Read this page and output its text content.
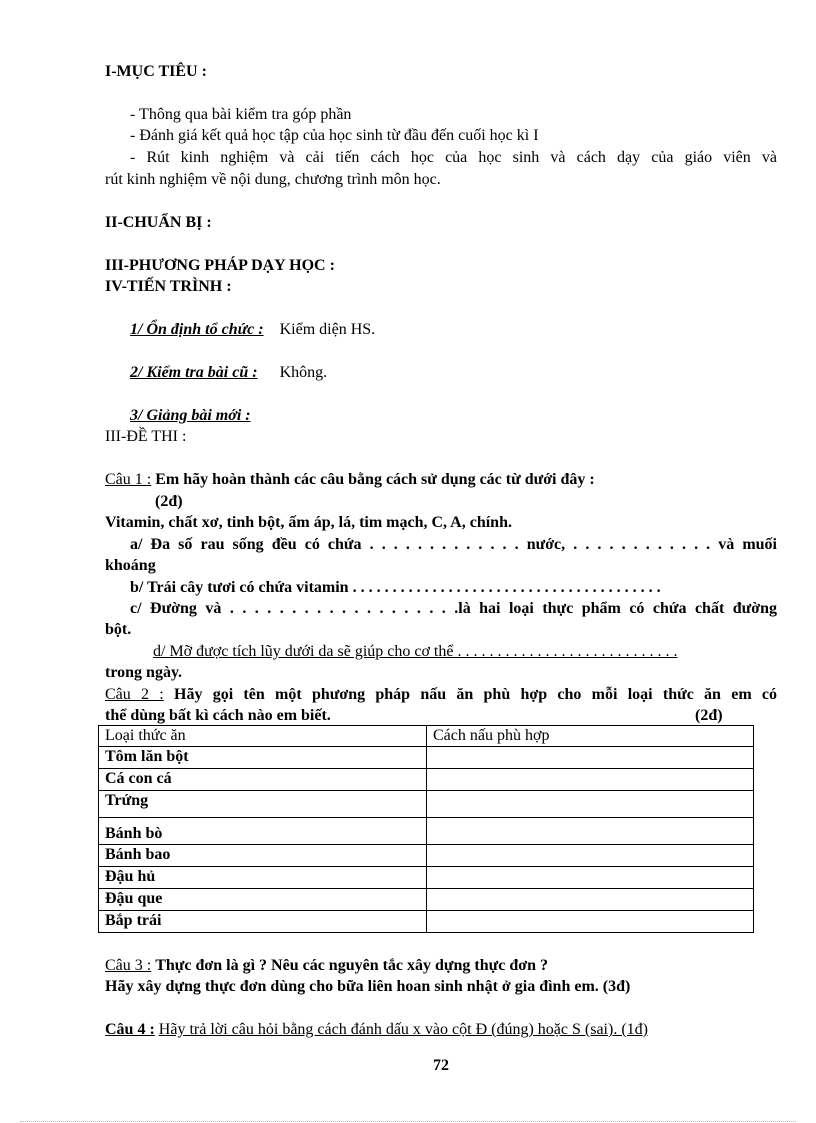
I-MỤC TIÊU :
- Thông qua bài kiểm tra góp phần
- Đánh giá kết quả học tập của học sinh từ đầu đến cuối học kì I
- Rút kinh nghiệm và cải tiến cách học của học sinh và cách dạy của giáo viên và
rút kinh nghiệm về nội dung, chương trình môn học.
II-CHUẨN BỊ :
III-PHƯƠNG PHÁP DẠY HỌC :
IV-TIẾN TRÌNH :
1/ Ổn định tổ chức : Kiểm diện HS.
2/ Kiểm tra bài cũ : Không.
3/ Giảng bài mới :
III-ĐỀ THI :
Câu 1 : Em hãy hoàn thành các câu bằng cách sử dụng các từ dưới đây :
(2đ)
Vitamin, chất xơ, tinh bột, ấm áp, lá, tim mạch, C, A, chính.
a/ Đa số rau sống đều có chứa . . . . . . . . . . . . . nước, . . . . . . . . . . . . và muối
khoáng
b/ Trái cây tươi có chứa vitamin . . . . . . . . . . . . . . . . . . . . . . . . . . . . . . . . . . . . . . .
c/ Đường và . . . . . . . . . . . . . . . . . . .là hai loại thực phẩm có chứa chất đường
bột.
d/ Mỡ được tích lũy dưới da sẽ giúp cho cơ thể . . . . . . . . . . . . . . . . . . . . . . . . . . . .
trong ngày.
Câu 2 : Hãy gọi tên một phương pháp nấu ăn phù hợp cho mỗi loại thức ăn em có
thể dùng bất kì cách nào em biết.	(2đ)
Loại thức ăn	Cách nấu phù hợp
Tôm lăn bột	
Cá con cá	
Trứng	
Bánh bò	
Bánh bao	
Đậu hủ	
Đậu que	
Bắp trái	
Câu 3 : Thực đơn là gì ? Nêu các nguyên tắc xây dựng thực đơn ?
Hãy xây dựng thực đơn dùng cho bữa liên hoan sinh nhật ở gia đình em. (3đ)
Câu 4 : Hãy trả lời câu hỏi bằng cách đánh dấu x vào cột Đ (đúng) hoặc S (sai). (1đ)
72
